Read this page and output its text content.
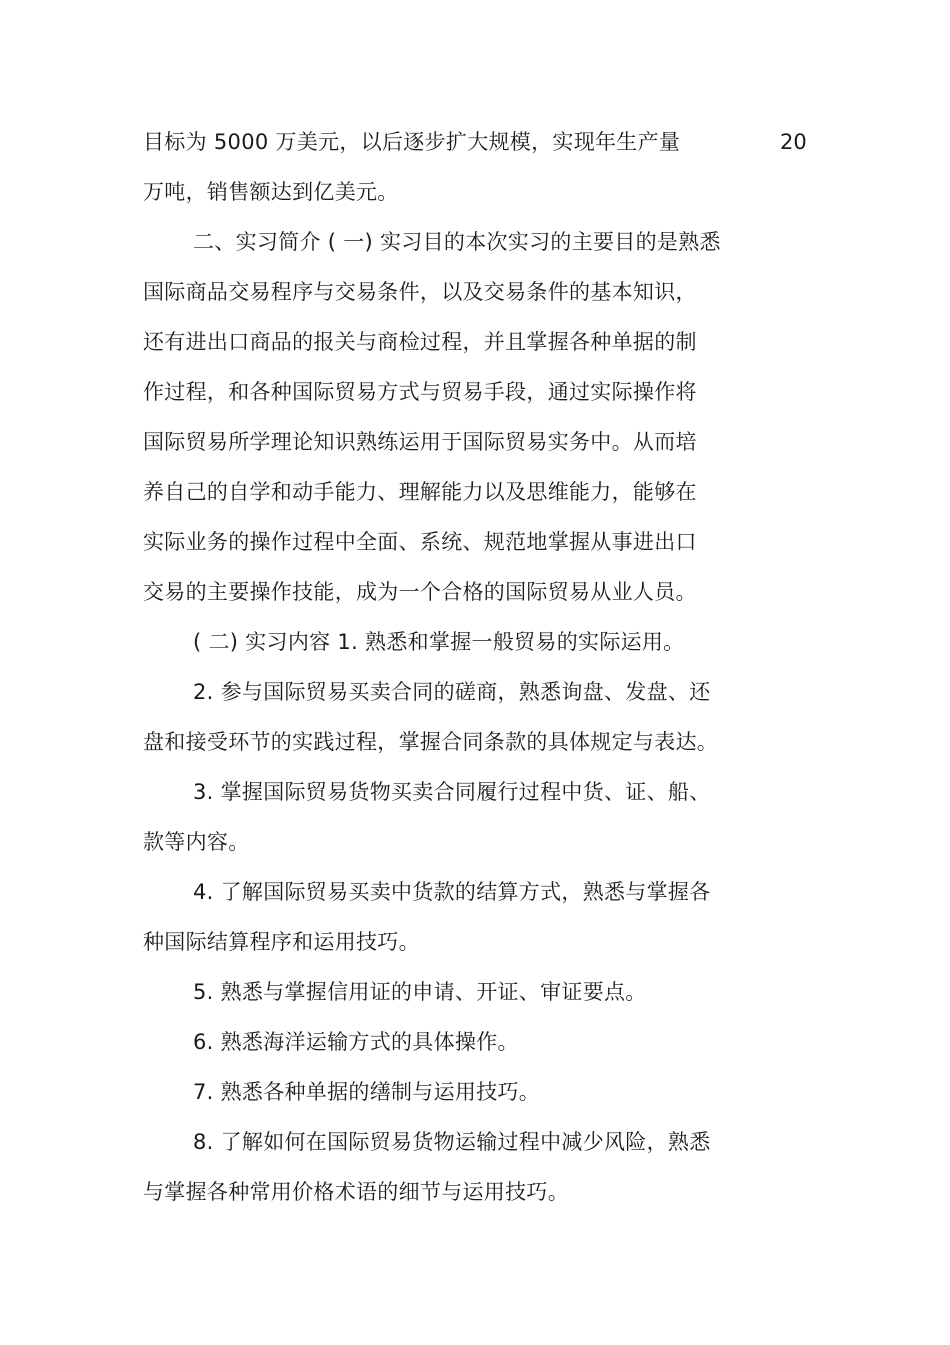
目标为 5000 万美元，以后逐步扩大规模，实现年生产量	20
万吨，销售额达到亿美元。
二、实习简介 ( 一) 实习目的本次实习的主要目的是熟悉
国际商品交易程序与交易条件，以及交易条件的基本知识，
还有进出口商品的报关与商检过程，并且掌握各种单据的制
作过程，和各种国际贸易方式与贸易手段，通过实际操作将
国际贸易所学理论知识熟练运用于国际贸易实务中。从而培
养自己的自学和动手能力、理解能力以及思维能力，能够在
实际业务的操作过程中全面、系统、规范地掌握从事进出口
交易的主要操作技能，成为一个合格的国际贸易从业人员。
( 二) 实习内容 1. 熟悉和掌握一般贸易的实际运用。
2. 参与国际贸易买卖合同的磋商，熟悉询盘、发盘、还
盘和接受环节的实践过程，掌握合同条款的具体规定与表达。
3. 掌握国际贸易货物买卖合同履行过程中货、证、船、
款等内容。
4. 了解国际贸易买卖中货款的结算方式，熟悉与掌握各
种国际结算程序和运用技巧。
5. 熟悉与掌握信用证的申请、开证、审证要点。
6. 熟悉海洋运输方式的具体操作。
7. 熟悉各种单据的缮制与运用技巧。
8. 了解如何在国际贸易货物运输过程中减少风险，熟悉
与掌握各种常用价格术语的细节与运用技巧。
